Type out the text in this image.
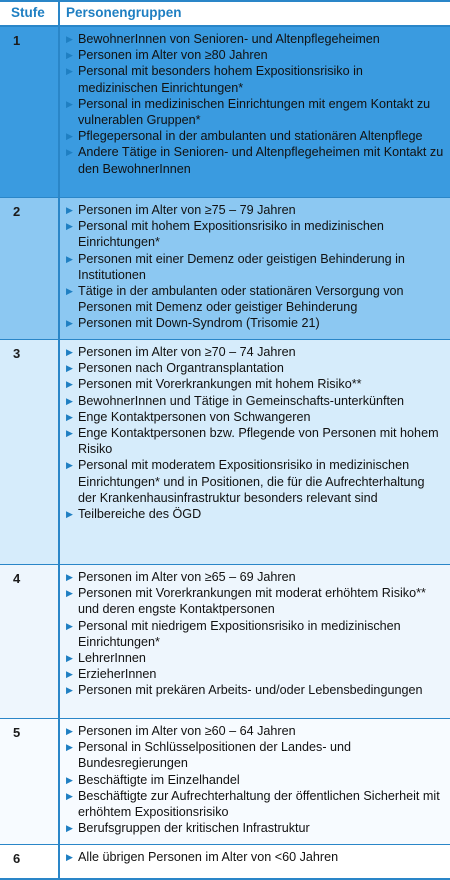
Stufe Personengruppen
1	▶ BewohnerInnen von Senioren- und Altenpflegeheimen
▶ Personen im Alter von ≥80 Jahren
▶ Personal mit besonders hohem Expositionsrisiko in medizinischen Einrichtungen*
▶ Personal in medizinischen Einrichtungen mit engem Kontakt zu vulnerablen Gruppen*
▶ Pflegepersonal in der ambulanten und stationären Altenpflege
▶ Andere Tätige in Senioren- und Altenpflegeheimen mit Kontakt zu den BewohnerInnen
2	▶ Personen im Alter von ≥75 – 79 Jahren
▶ Personal mit hohem Expositionsrisiko in medizinischen Einrichtungen*
▶ Personen mit einer Demenz oder geistigen Behinderung in Institutionen
▶ Tätige in der ambulanten oder stationären Versorgung von Personen mit Demenz oder geistiger Behinderung
▶ Personen mit Down-Syndrom (Trisomie 21)
3	▶ Personen im Alter von ≥70 – 74 Jahren
▶ Personen nach Organtransplantation
▶ Personen mit Vorerkrankungen mit hohem Risiko**
▶ BewohnerInnen und Tätige in Gemeinschafts-unterkünften
▶ Enge Kontaktpersonen von Schwangeren
▶ Enge Kontaktpersonen bzw. Pflegende von Personen mit hohem Risiko
▶ Personal mit moderatem Expositionsrisiko in medizinischen Einrichtungen* und in Positionen, die für die Aufrechterhaltung der Krankenhausinfrastruktur besonders relevant sind
▶ Teilbereiche des ÖGD
4	▶ Personen im Alter von ≥65 – 69 Jahren
▶ Personen mit Vorerkrankungen mit moderat erhöhtem Risiko** und deren engste Kontaktpersonen
▶ Personal mit niedrigem Expositionsrisiko in medizinischen Einrichtungen*
▶ LehrerInnen
▶ ErzieherInnen
▶ Personen mit prekären Arbeits- und/oder Lebensbedingungen
5	▶ Personen im Alter von ≥60 – 64 Jahren
▶ Personal in Schlüsselpositionen der Landes- und Bundesregierungen
▶ Beschäftigte im Einzelhandel
▶ Beschäftigte zur Aufrechterhaltung der öffentlichen Sicherheit mit erhöhtem Expositionsrisiko
▶ Berufsgruppen der kritischen Infrastruktur
6	▶ Alle übrigen Personen im Alter von <60 Jahren
